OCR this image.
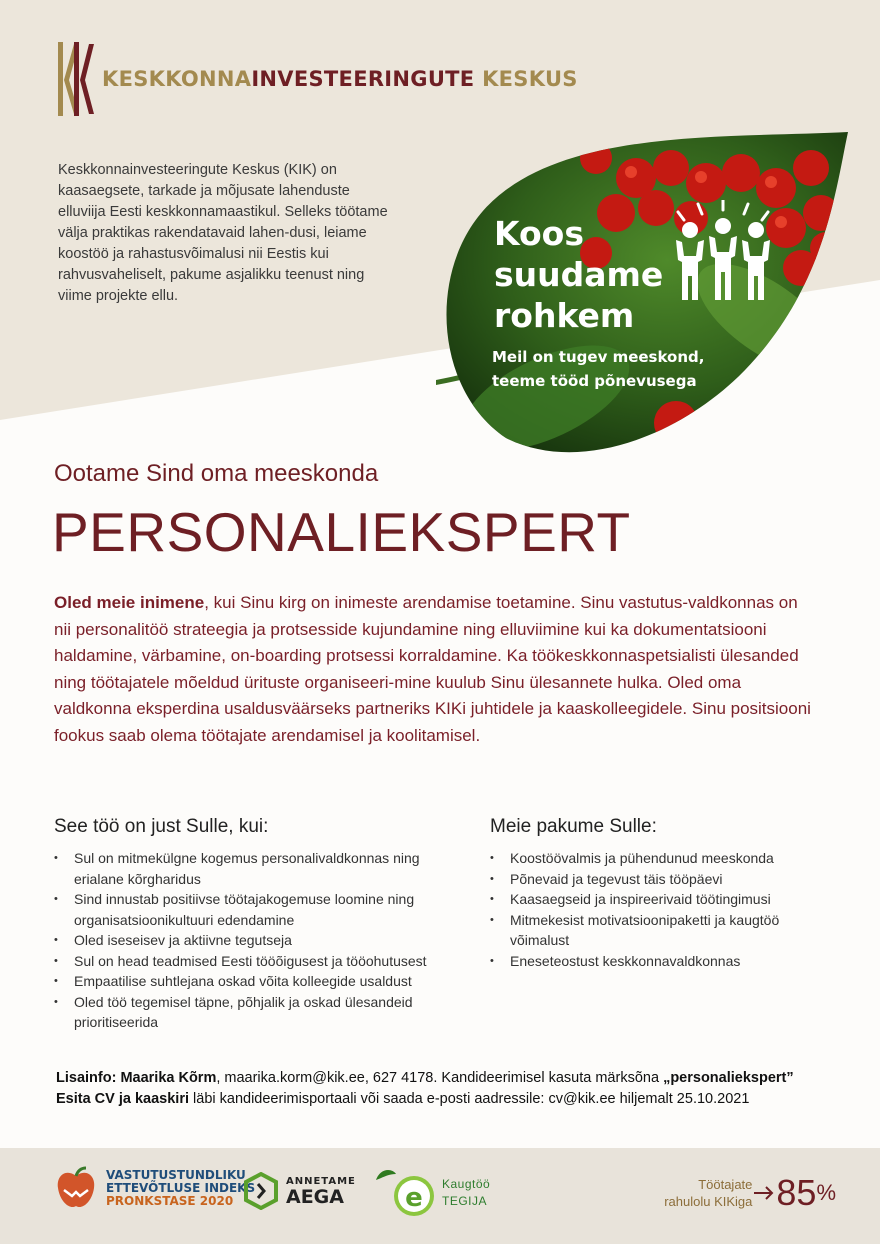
KESKKONNAINVESTEERINGUTE KESKUS

Keskkonnainvesteeringute Keskus (KIK) on kaasaegsete, tarkade ja mõjusate lahenduste elluviija Eesti keskkonnamaastikul. Selleks töötame välja praktikas rakendatavaid lahen-dusi, leiame koostöö ja rahastusvõimalusi nii Eestis kui rahvusvaheliselt, pakume asjalikku teenust ning viime projekte ellu.

Koos
suudame
rohkem
Meil on tugev meeskond,
teeme tööd põnevusega
Ootame Sind oma meeskonda
PERSONALIEKSPERT

Oled meie inimene, kui Sinu kirg on inimeste arendamise toetamine. Sinu vastutus-valdkonnas on nii personalitöö strateegia ja protsesside kujundamine ning elluviimine kui ka dokumentatsiooni haldamine, värbamine, on-boarding protsessi korraldamine. Ka töökeskkonnaspetsialisti ülesanded ning töötajatele mõeldud ürituste organiseeri-mine kuulub Sinu ülesannete hulka. Oled oma valdkonna eksperdina usaldusväärseks partneriks KIKi juhtidele ja kaaskolleegidele. Sinu positsiooni fookus saab olema töötajate arendamisel ja koolitamisel.

See töö on just Sulle, kui:
• Sul on mitmekülgne kogemus personalivaldkonnas ning erialane kõrgharidus
• Sind innustab positiivse töötajakogemuse loomine ning organisatsioonikultuuri edendamine
• Oled iseseisev ja aktiivne tegutseja
• Sul on head teadmised Eesti tööõigusest ja tööohutusest
• Empaatilise suhtlejana oskad võita kolleegide usaldust
• Oled töö tegemisel täpne, põhjalik ja oskad ülesandeid prioritiseerida
Meie pakume Sulle:
• Koostöövalmis ja pühendunud meeskonda
• Põnevaid ja tegevust täis tööpäevi
• Kaasaegseid ja inspireerivaid töötingimusi
• Mitmekesist motivatsioonipaketti ja kaugtöö võimalust
• Eneseteostust keskkonnavaldkonnas
Lisainfo: Maarika Kõrm, maarika.korm@kik.ee, 627 4178. Kandideerimisel kasuta märksõna „personaliekspert”
Esita CV ja kaaskiri läbi kandideerimisportaali või saada e-posti aadressile: cv@kik.ee hiljemalt 25.10.2021
VASTUTUSTUNDLIKU
ETTEVÕTLUSE INDEKS
PRONKSTASE 2020
ANNETAME
AEGA	e Kaugtöö
TEGIJA
Töötajate
rahulolu KIKiga 85 %
